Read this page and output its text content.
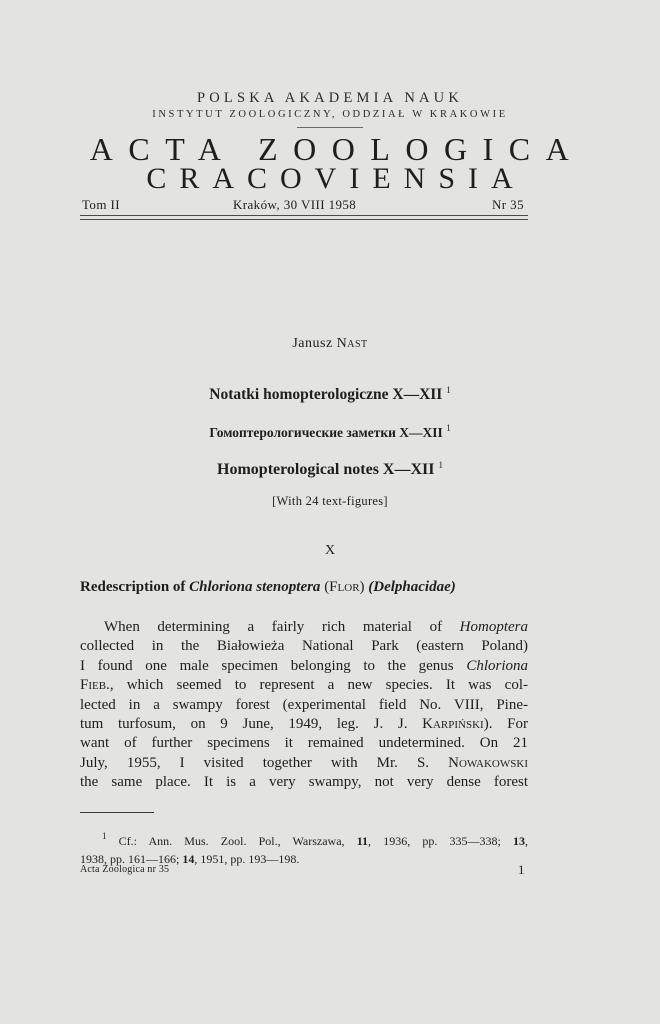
POLSKA AKADEMIA NAUK
INSTYTUT ZOOLOGICZNY, ODDZIAŁ W KRAKOWIE
ACTA ZOOLOGICA
CRACOVIENSIA
Tom II	Kraków, 30 VIII 1958	Nr 35
Janusz Nast
Notatki homopterologiczne X—XII $^1$
Гомоптерологические заметки X—XII $^1$
Homopterological notes X—XII $^1$
[With 24 text-figures]
X
Redescription of Chloriona stenoptera (Flor) (Delphacidae)
When determining a fairly rich material of Homoptera
collected in the Białowieża National Park (eastern Poland)
I found one male specimen belonging to the genus Chloriona
Fieb., which seemed to represent a new species. It was col-
lected in a swampy forest (experimental field No. VIII, Pine-
tum turfosum, on 9 June, 1949, leg. J. J. Karpiński). For
want of further specimens it remained undetermined. On 21
July, 1955, I visited together with Mr. S. Nowakowski
the same place. It is a very swampy, not very dense forest
$^1$ Cf.: Ann. Mus. Zool. Pol., Warszawa, 11, 1936, pp. 335—338; 13,
1938, pp. 161—166; 14, 1951, pp. 193—198.
Acta Zoologica nr 35	1
